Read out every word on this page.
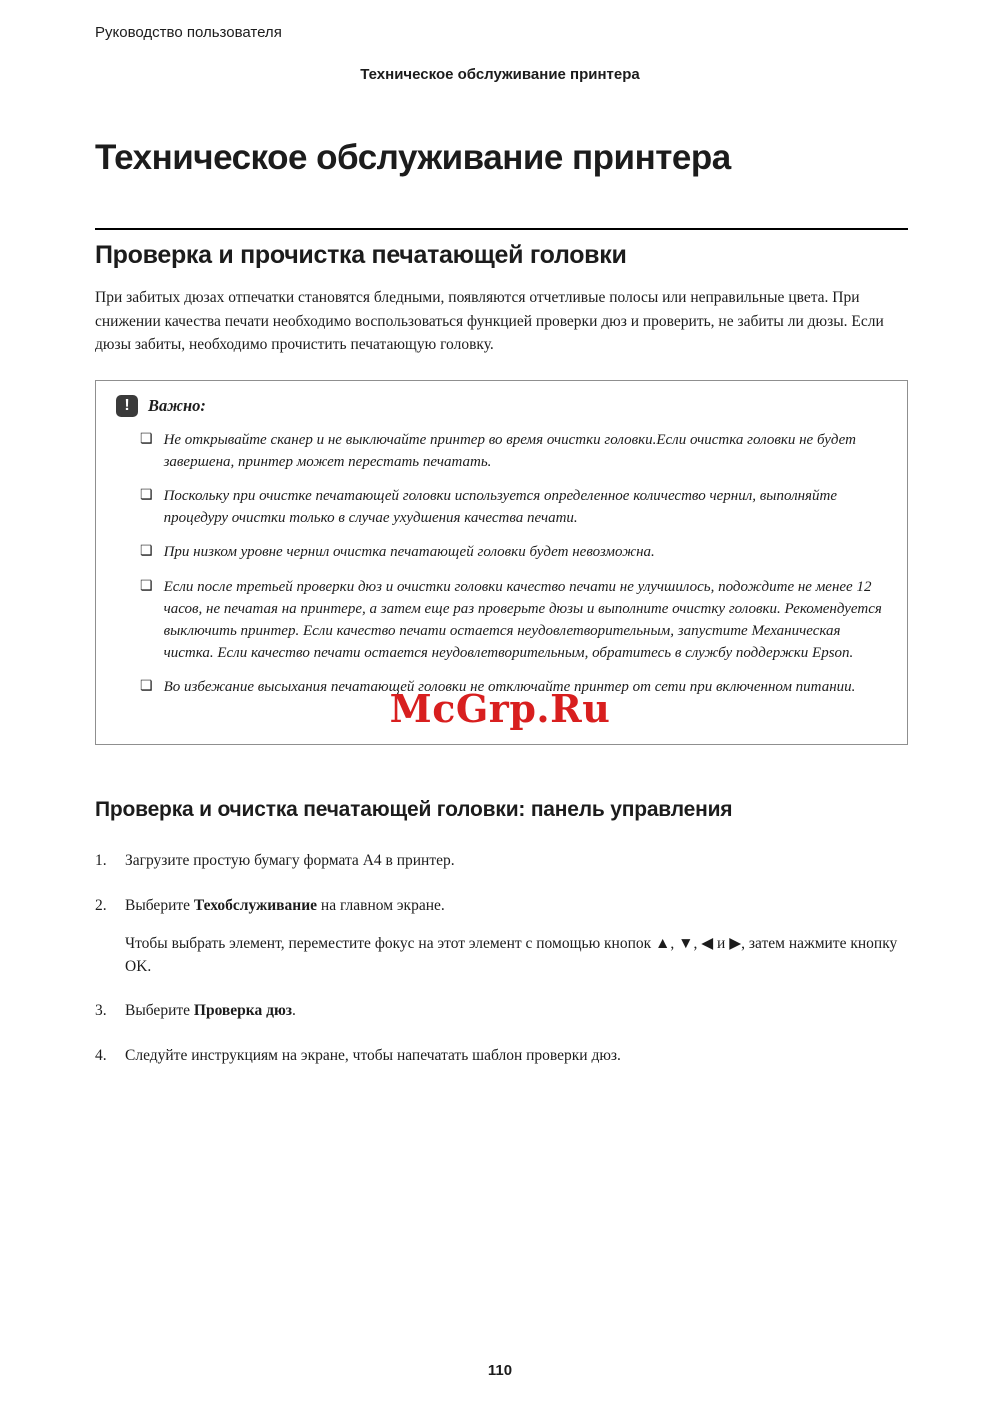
Руководство пользователя
Техническое обслуживание принтера
Техническое обслуживание принтера
Проверка и прочистка печатающей головки

При забитых дюзах отпечатки становятся бледными, появляются отчетливые полосы или неправильные цвета. При снижении качества печати необходимо воспользоваться функцией проверки дюз и проверить, не забиты ли дюзы. Если дюзы забиты, необходимо прочистить печатающую головку.

!	Важно:
❏ Не открывайте сканер и не выключайте принтер во время очистки головки.Если очистка головки не будет завершена, принтер может перестать печатать.
❏ Поскольку при очистке печатающей головки используется определенное количество чернил, выполняйте процедуру очистки только в случае ухудшения качества печати.
❏ При низком уровне чернил очистка печатающей головки будет невозможна.
❏ Если после третьей проверки дюз и очистки головки качество печати не улучшилось, подождите не менее 12 часов, не печатая на принтере, а затем еще раз проверьте дюзы и выполните очистку головки. Рекомендуется выключить принтер. Если качество печати остается неудовлетворительным, запустите Механическая чистка. Если качество печати остается неудовлетворительным, обратитесь в службу поддержки Epson.
❏ Во избежание высыхания печатающей головки не отключайте принтер от сети при включенном питании.
Проверка и очистка печатающей головки: панель управления
1.	Загрузите простую бумагу формата A4 в принтер.
2.	Выберите Техобслуживание на главном экране.
Чтобы выбрать элемент, переместите фокус на этот элемент с помощью кнопок ▲, ▼, ◀ и ▶, затем нажмите кнопку OK.
3.	Выберите Проверка дюз.
4.	Следуйте инструкциям на экране, чтобы напечатать шаблон проверки дюз.
McGrp.Ru
110
